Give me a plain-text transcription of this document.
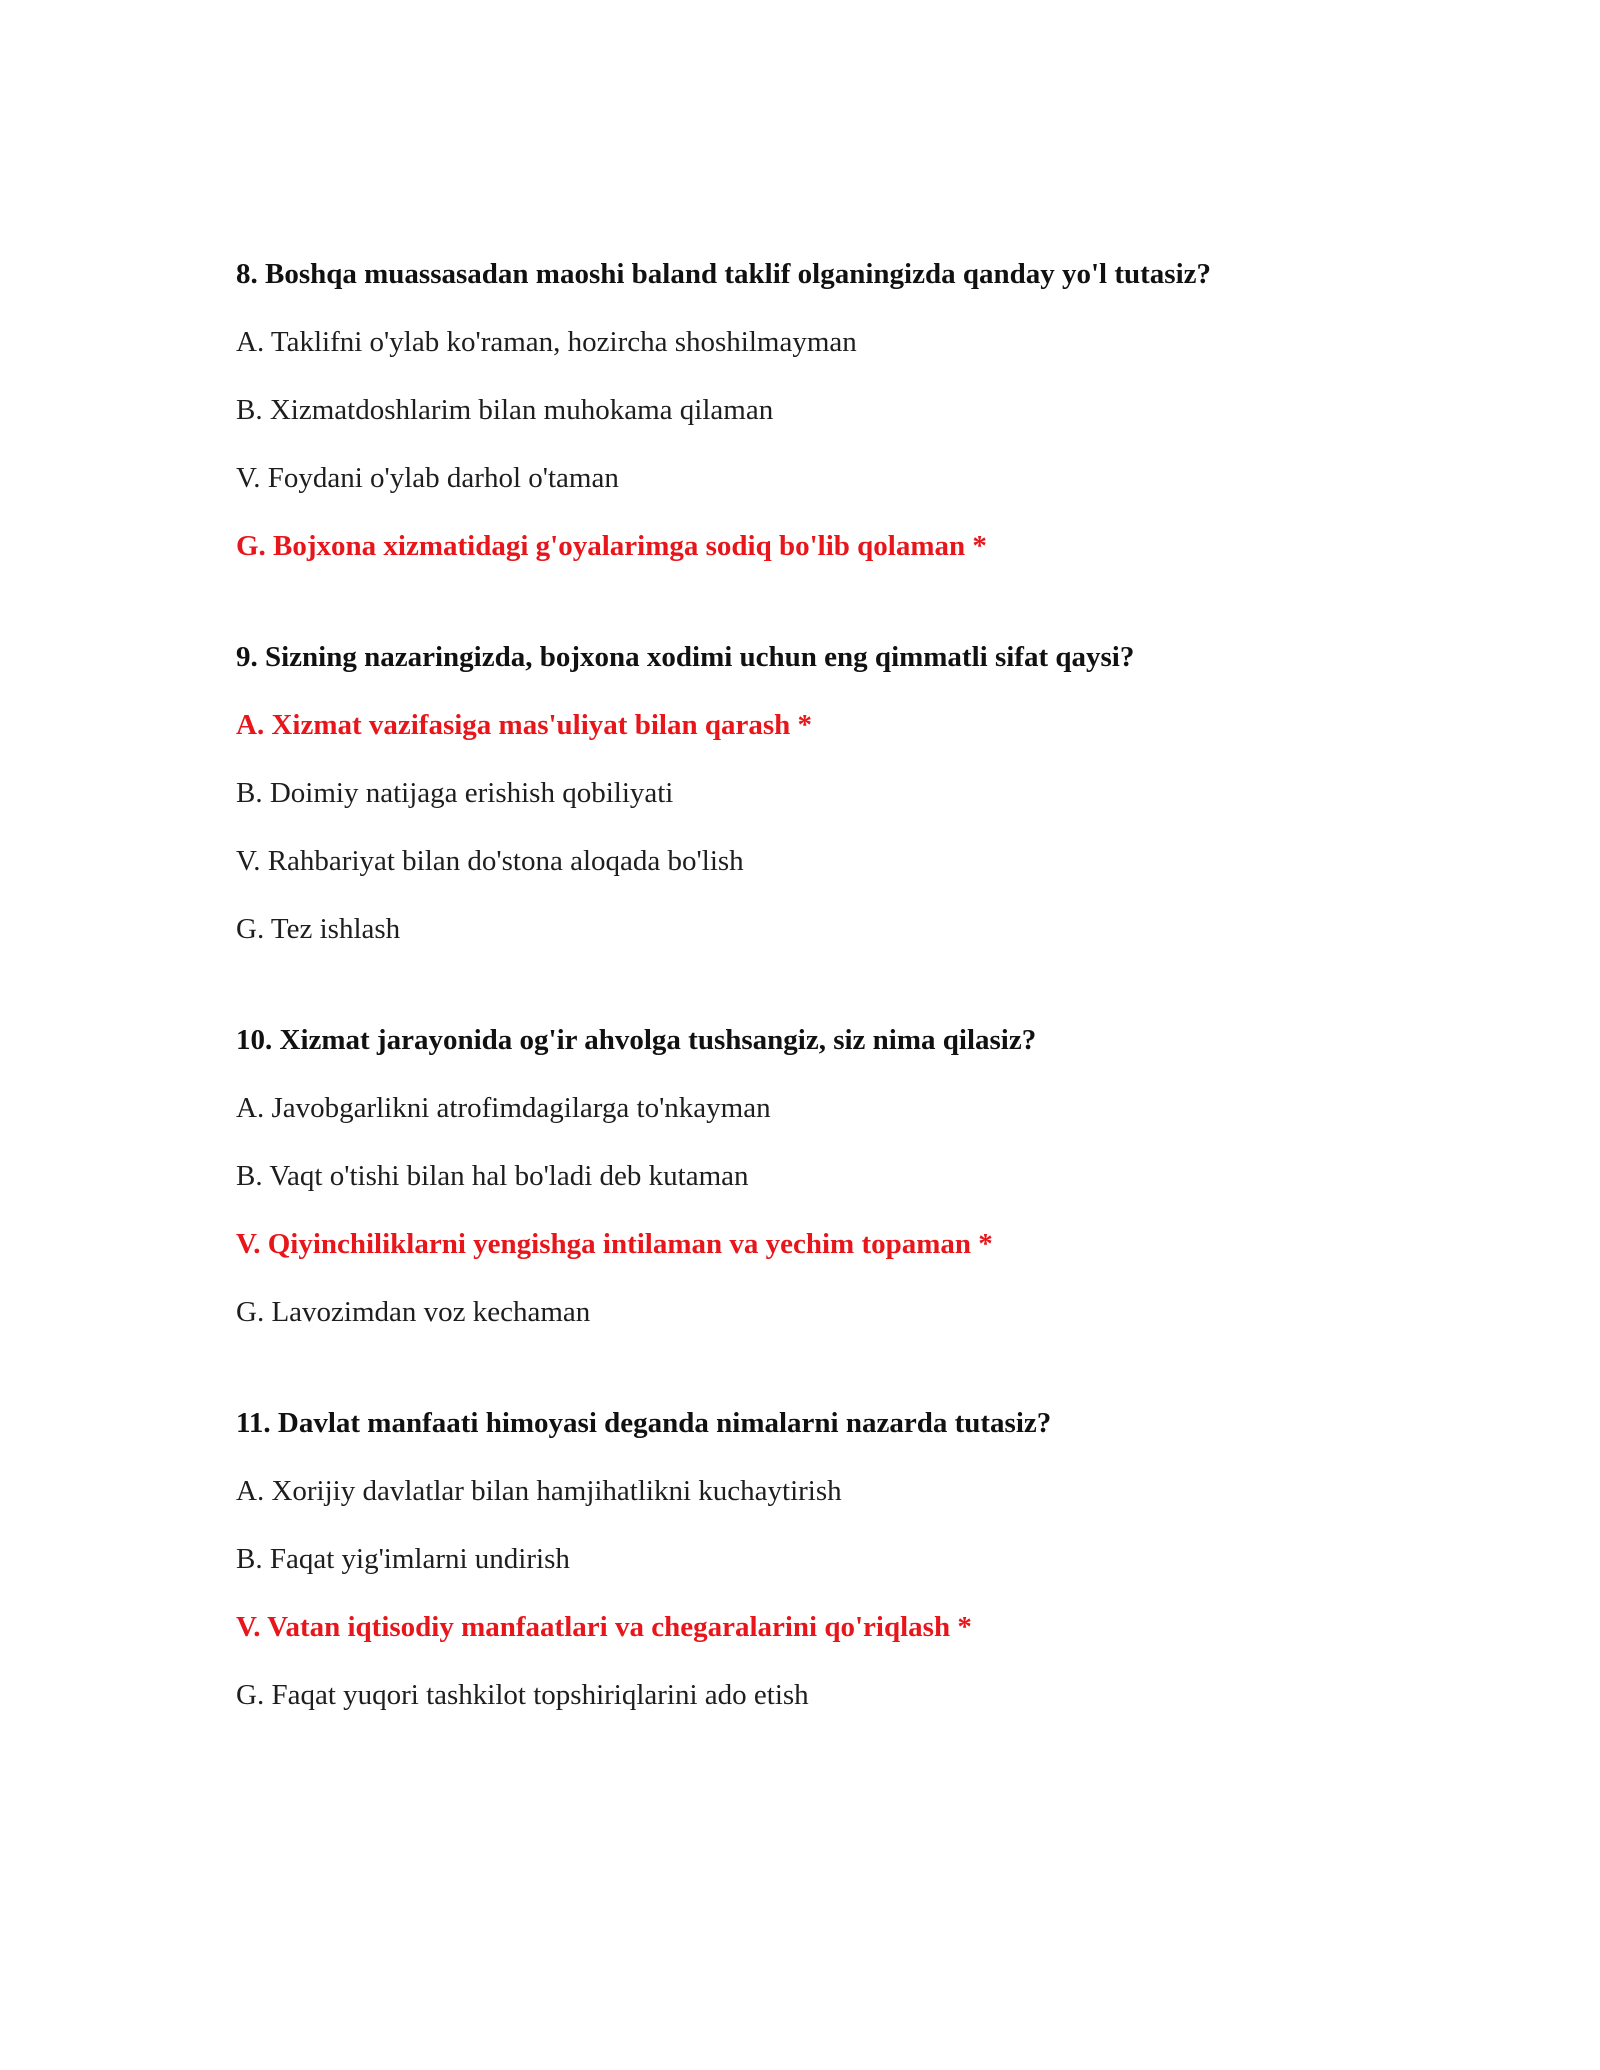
8. Boshqa muassasadan maoshi baland taklif olganingizda qanday yo'l tutasiz?
A. Taklifni o'ylab ko'raman, hozircha shoshilmayman
B. Xizmatdoshlarim bilan muhokama qilaman
V. Foydani o'ylab darhol o'taman
G. Bojxona xizmatidagi g'oyalarimga sodiq bo'lib qolaman *
9. Sizning nazaringizda, bojxona xodimi uchun eng qimmatli sifat qaysi?
A. Xizmat vazifasiga mas'uliyat bilan qarash *
B. Doimiy natijaga erishish qobiliyati
V. Rahbariyat bilan do'stona aloqada bo'lish
G. Tez ishlash
10. Xizmat jarayonida og'ir ahvolga tushsangiz, siz nima qilasiz?
A. Javobgarlikni atrofimdagilarga to'nkayman
B. Vaqt o'tishi bilan hal bo'ladi deb kutaman
V. Qiyinchiliklarni yengishga intilaman va yechim topaman *
G. Lavozimdan voz kechaman
11. Davlat manfaati himoyasi deganda nimalarni nazarda tutasiz?
A. Xorijiy davlatlar bilan hamjihatlikni kuchaytirish
B. Faqat yig'imlarni undirish
V. Vatan iqtisodiy manfaatlari va chegaralarini qo'riqlash *
G. Faqat yuqori tashkilot topshiriqlarini ado etish
